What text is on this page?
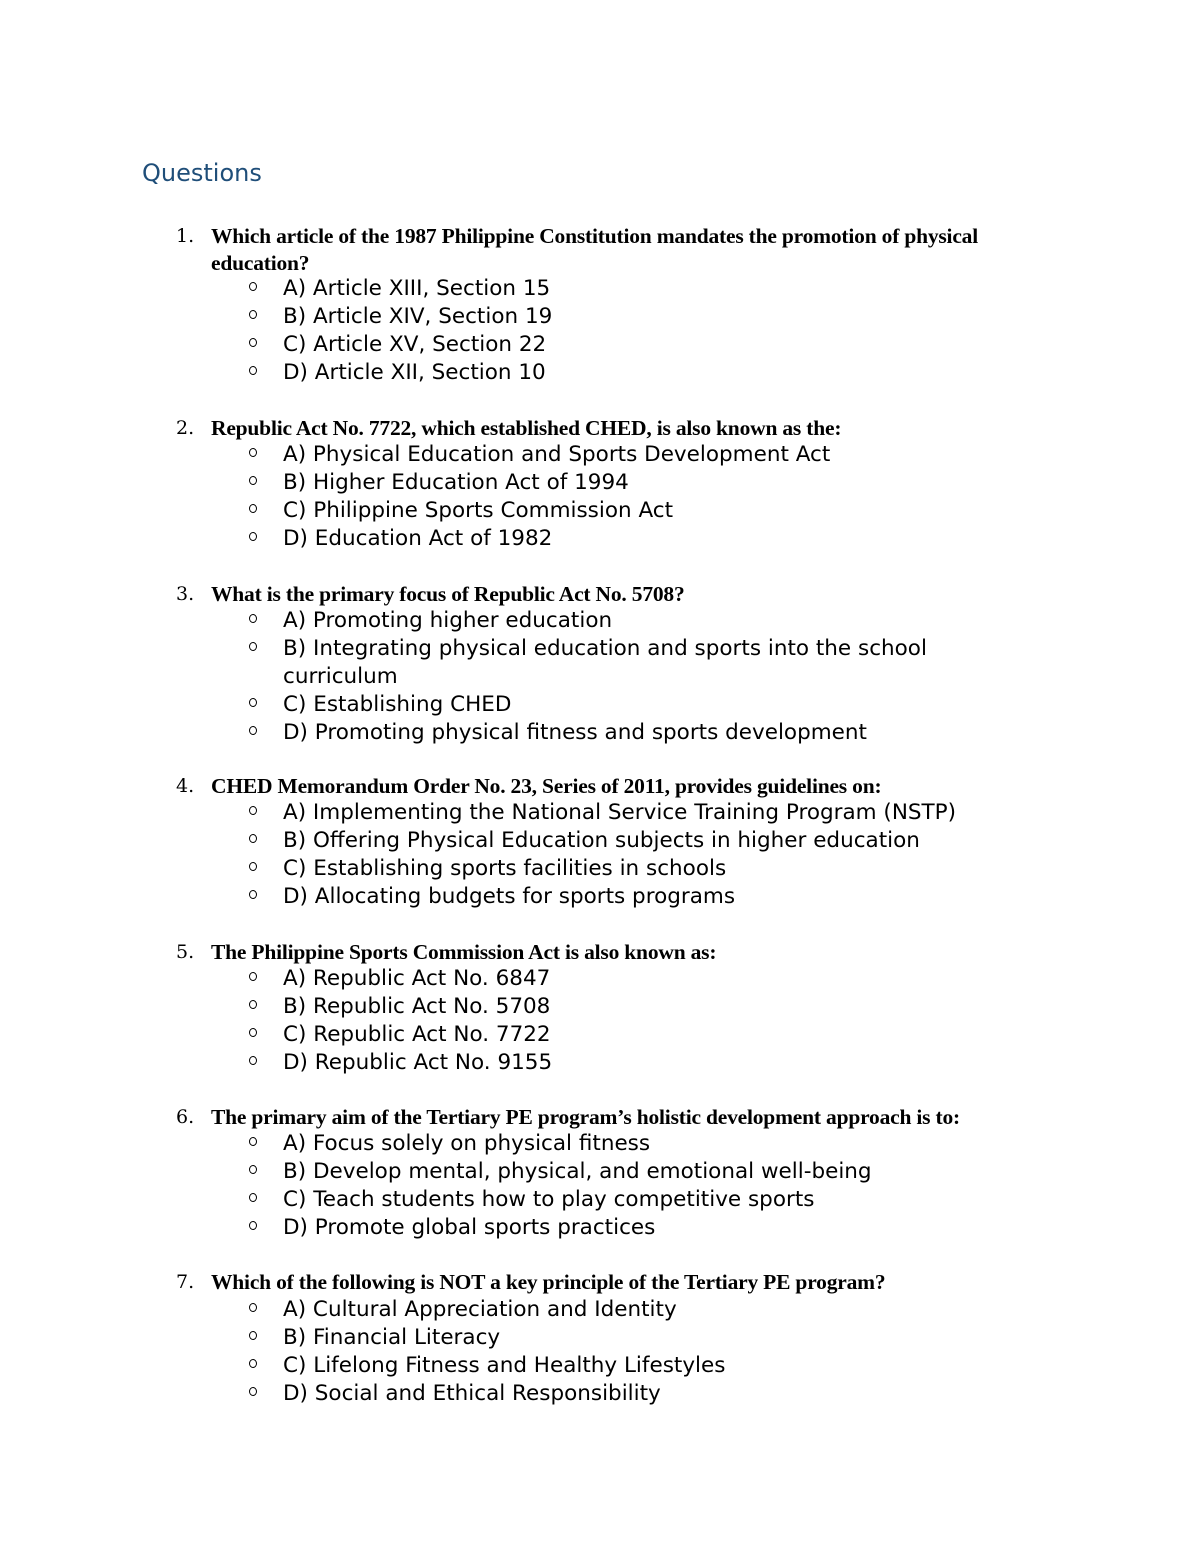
Questions
1. Which article of the 1987 Philippine Constitution mandates the promotion of physical education?
A) Article XIII, Section 15
B) Article XIV, Section 19
C) Article XV, Section 22
D) Article XII, Section 10
2. Republic Act No. 7722, which established CHED, is also known as the:
A) Physical Education and Sports Development Act
B) Higher Education Act of 1994
C) Philippine Sports Commission Act
D) Education Act of 1982
3. What is the primary focus of Republic Act No. 5708?
A) Promoting higher education
B) Integrating physical education and sports into the school curriculum
C) Establishing CHED
D) Promoting physical fitness and sports development
4. CHED Memorandum Order No. 23, Series of 2011, provides guidelines on:
A) Implementing the National Service Training Program (NSTP)
B) Offering Physical Education subjects in higher education
C) Establishing sports facilities in schools
D) Allocating budgets for sports programs
5. The Philippine Sports Commission Act is also known as:
A) Republic Act No. 6847
B) Republic Act No. 5708
C) Republic Act No. 7722
D) Republic Act No. 9155
6. The primary aim of the Tertiary PE program’s holistic development approach is to:
A) Focus solely on physical fitness
B) Develop mental, physical, and emotional well-being
C) Teach students how to play competitive sports
D) Promote global sports practices
7. Which of the following is NOT a key principle of the Tertiary PE program?
A) Cultural Appreciation and Identity
B) Financial Literacy
C) Lifelong Fitness and Healthy Lifestyles
D) Social and Ethical Responsibility
